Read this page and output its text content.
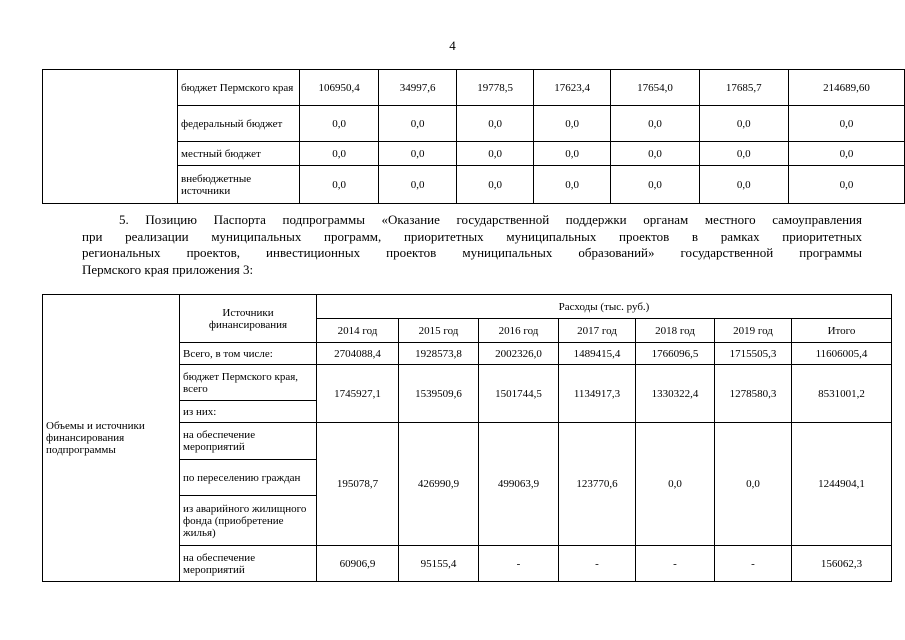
4
	бюджет Пермского края	106950,4	34997,6	19778,5	17623,4	17654,0	17685,7	214689,60
	федеральный бюджет	0,0	0,0	0,0	0,0	0,0	0,0	0,0
	местный бюджет	0,0	0,0	0,0	0,0	0,0	0,0	0,0
	внебюджетные источники	0,0	0,0	0,0	0,0	0,0	0,0	0,0
5. Позицию Паспорта подпрограммы «Оказание государственной поддержки органам местного самоуправления
при реализации муниципальных программ, приоритетных муниципальных проектов в рамках приоритетных
региональных проектов, инвестиционных проектов муниципальных образований» государственной программы
Пермского края приложения 3:
Объемы и источники финансирования подпрограммы	Источники финансирования	Расходы (тыс. руб.)						
		2014 год	2015 год	2016 год	2017 год	2018 год	2019 год	Итого
	Всего, в том числе:	2704088,4	1928573,8	2002326,0	1489415,4	1766096,5	1715505,3	11606005,4
	бюджет Пермского края, всего	1745927,1	1539509,6	1501744,5	1134917,3	1330322,4	1278580,3	8531001,2
	из них:							
	на обеспечение мероприятий	195078,7	426990,9	499063,9	123770,6	0,0	0,0	1244904,1
	по переселению граждан							
	из аварийного жилищного фонда (приобретение жилья)							
	на обеспечение мероприятий	60906,9	95155,4	-	-	-	-	156062,3
